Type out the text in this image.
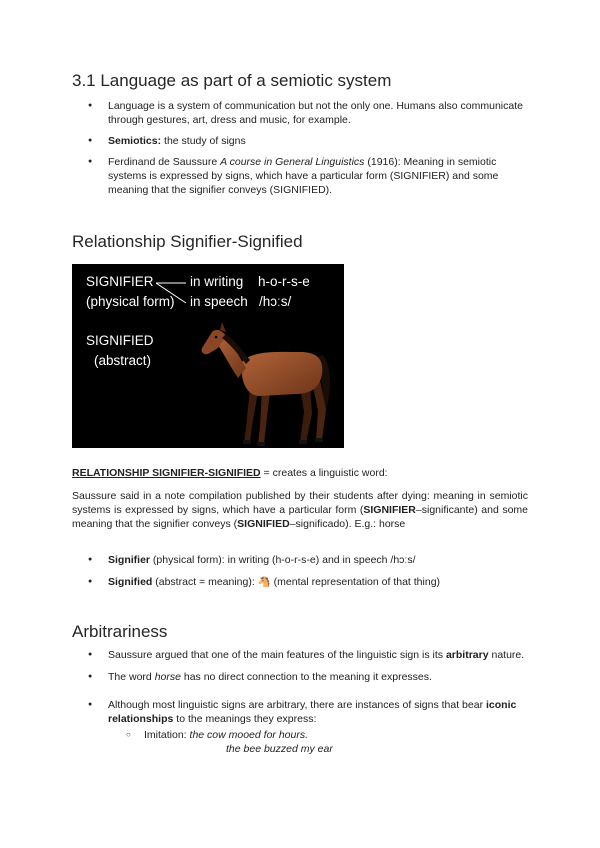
3.1 Language as part of a semiotic system
● Language is a system of communication but not the only one. Humans also communicate through gestures, art, dress and music, for example.
● Semiotics: the study of signs
● Ferdinand de Saussure A course in General Linguistics (1916): Meaning in semiotic systems is expressed by signs, which have a particular form (SIGNIFIER) and some meaning that the signifier conveys (SIGNIFIED).
Relationship Signifier-Signified
SIGNIFIER
(physical form)
in writing h-o-r-s-e
in speech /hɔːs/
SIGNIFIED
(abstract)

RELATIONSHIP SIGNIFIER-SIGNIFIED = creates a linguistic word:

Saussure said in a note compilation published by their students after dying: meaning in semiotic systems is expressed by signs, which have a particular form (SIGNIFIER–significante) and some meaning that the signifier conveys (SIGNIFIED–significado). E.g.: horse

● Signifier (physical form): in writing (h-o-r-s-e) and in speech /hɔːs/
● Signified (abstract = meaning): 🐴 (mental representation of that thing)
Arbitrariness
● Saussure argued that one of the main features of the linguistic sign is its arbitrary nature.
● The word horse has no direct connection to the meaning it expresses.
● Although most linguistic signs are arbitrary, there are instances of signs that bear iconic relationships to the meanings they express:
○ Imitation: the cow mooed for hours.
the bee buzzed my ear
